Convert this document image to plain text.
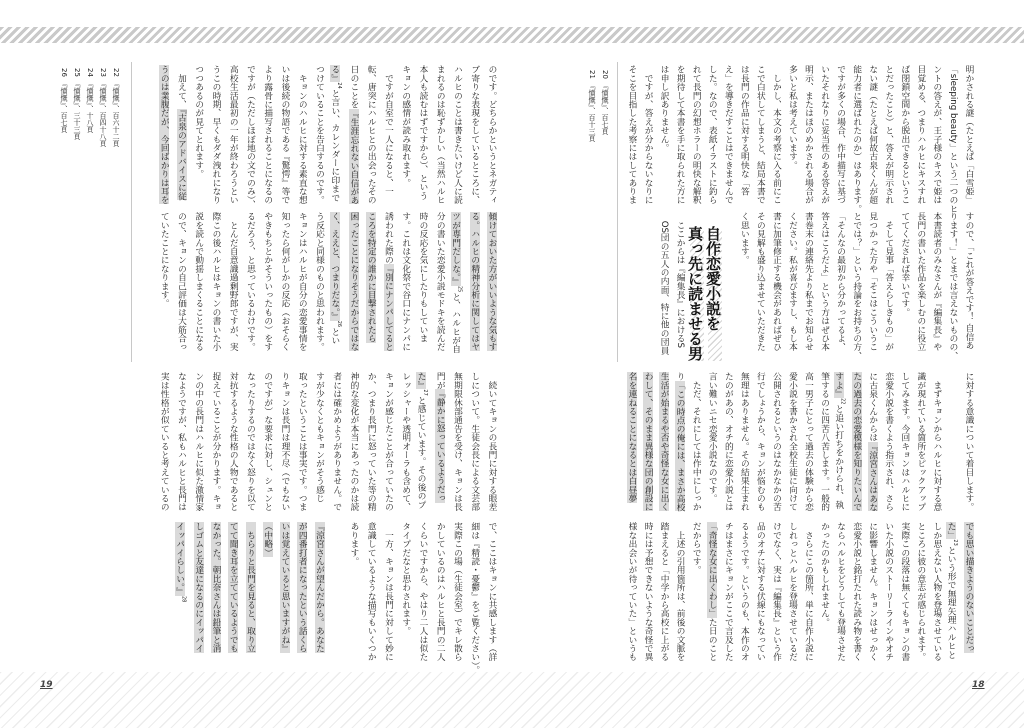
明かされる謎（たとえば「白雪姫」
「sleeping beauty」という二つのヒ
ントの答えが、王子様のキスで姫は
目覚める、つまりハルヒにキスすれ
ば閉鎖空間から脱出できるというこ
とだったこと）と、答えが明示され
ない謎（たとえば何故古泉くんが超
能力者に選ばれたのか）はあります。
ですが多くの場合、作中描写に基づ
いたそれなりに妥当性のある答えが
明示、またはほのめかされる場合が
多いと私は考えています。
　しかし、本文の考察に入る前にこ
こで白状してしまうと、結局本書で
は長門の作品に対する明快な「答
え」を導きだすことはできませんで
した。なので、表紙イラストに釣ら
れて長門の幻想ホラーの明快な解釈
を期待して本書を手に取られた方に
は申し訳ありません。
　ですが、答えが分からないなりに
そこを目指した考察にはしてありま
すので、「これが答えです！ 自信あ
ります！」とまでは言えないものの、
本書読者のみなさんが『編集長』や
長門の書いた作品を楽しむのに役立
ててくだされば幸いです。
　そして見事「答えらしきもの」が
見つかった方や「そこはこういうこ
とでは？」という持論をお持ちの方、
「そんなの最初から分かってるよ、
答えはこうだよ」という方はぜひ本
書巻末の連絡先より私までお知らせ
ください。私が喜びますし、もし本
書に加筆修正する機会があればぜひ
その見解も盛り込ませていただきた
く思います。
　ここからは『編集長』におけるS
　OS団の五人の内面、特に他の団員
に対する意識について着目します。
　まずキョンからハルヒに対する意
識が現れている箇所をピックアップ
してみます。今回キョンはハルヒに
恋愛小説を書くよう指示され、さら
に古泉くんからは『涼宮さんはあな
たの過去の恋愛模様を知りたいんで
すよ』$^{22}$と追い打ちをかけられ、執
筆するのに四苦八苦します。一般的
高一男子にとって過去の体験から恋
愛小説を書かされ全校生徒に向けて
公開されるというのはなかなかの苦
行でしょうから、キョンが悩むのも
無理はありません。その結果生まれ
たのがあの、オチ的に恋愛小説とは
言い難いニセ恋愛小説なのです。
　ただ、それにしては作中にしっか
り「この時点の俺には、まさか高校
生活が始まるや否や奇怪な女に出く
わして、そのまま異様な団の創設に
名を連ねることになるとは白昼夢
でも思い描きようのないことだっ
た」$^{23}$という形で無理矢理ハルヒと
しか思えない人物を登場させている
ところに彼の意志が感じられます。
実際この段落は無くてもキョンの書
いた小説のストーリーラインやオチ
に影響しません。キョンはせっかく
恋愛小説と銘打たれた読み物を書く
ならハルヒをどうしても登場させた
かったのかもしれません。
　さらにこの箇所、単に自作小説に
しれっとハルヒを登場させているだ
けでなく、実は『編集長』という作
品のオチに対する伏線にもなってい
るようです。というのも、本作のオ
チはまさにキョンがここで言及した
「奇怪な女に出くわし」た日のこと
だからです。
　上述の引用箇所は、前後の文脈を
踏まえると「中学から高校に上がる
時には予想できないような奇怪で異
様な出会いが待っていた」というも
自作恋愛小説を
真っ先に読ませる男
20　『憤慨』、百七頁
21　『憤慨』、百十三頁
18
のです。どちらかというとネガティ
ブ寄りな表現をしているところに、
ハルヒのことは書きたいけど人に読
まれるのは恥ずかしい（当然ハルヒ
本人も読むはずですから）、という
キョンの感情が読み取れます。
　ですが自室で一人になると、一
転、唐突にハルヒとの出会ったその
日のことを『生涯忘れない自信があ
る』$^{24}$と言い、カレンダーに印まで
つけていることを告白するのです。
　キョンのハルヒに対する素直な想
いは後続の物語である『驚愕』等で
より露骨に描写されることになるの
ですが（ただしほぼ地の文でのみ）、
高校生活最初の一年が終わろうとい
うこの時期、早くもダダ洩れになり
つつあるのが見てとれます。
　加えて、『古泉のアドバイスに従
うのは業腹だが、今回ばかりは耳を
傾けておいた方がいいような気もす
る。ハルヒの精神分析に関してはヤ
ツが専門だしな。』$^{25}$と、ハルヒが自
分の書いた恋愛小説モドキを読んだ
時の反応を気にしたりもしていま
す。これは文化祭で谷口にナンパに
誘われた際の『別にナンパしてると
ころを特定の誰かに目撃されたら
困ったことになりそうだからではな
く、ええと、つまりだな。』$^{26}$とい
う反応と同様のものと思われます。
キョンはハルヒが自分の恋愛事情を
知ったら何がしかの反応（おそらく
やきもちとかそういったもの）をす
るだろう、と思っているわけです。
　とんだ自意識過剰野郎ですが、実
際この後ハルヒはキョンの書いた小
説を読んで動揺しまくることになる
ので、キョンの自己評価は大筋合っ
ていたことになります。
　続いてキョンの長門に対する眼差
しについて。生徒会長による文芸部
無期限休部通告を受け、キョンは長
門が『静かに怒っているようだっ
た』$^{27}$と感じています。その後のプ
レッシャーや透明オーラも含めて、
キョンが感じたことが合っていたの
か、つまり長門に怒っていた等の精
神的な変化が本当にあったのかは読
者には確かめようがありません。で
すが少なくともキョンがそう感じ
取ったということは事実です。つま
りキョンは長門は理不尽（でもない
のですが）な要求に対し、シュンと
なったりするのではなく怒りを以て
対抗するような性格の人物であると
捉えていることが分かります。キョ
ンの中の長門はハルヒに似た激情家
なようですが、私もハルヒと長門は
実は性格が似ていると考えているの
で、ここはキョンに共感します（詳
細は『精読・憂鬱』をご覧ください）。
実際この場（生徒会室）でキレ散ら
かしているのはハルヒと長門の二人
くらいですから、やはり二人は似た
タイプだなと思わされます。
　一方、キョンは長門に対して妙に
意識しているような描写もいくつか
あります。
『涼宮さんが望んだから。あなた
が四番打者になったという話くら
いは覚えていると思いますがね』
（中略）
　ちらりと長門を見ると、取り立
てて聞き耳を立てているようでも
なかった。朝比奈さんは鉛筆と消
しゴムと友達になるのにイッパイ
イッパイらしい。』$^{28}$
22　『憤慨』、百六十二頁
23　『憤慨』、百四十八頁
24　『憤慨』、十八頁
25　『憤慨』、三十三頁
26　『憤慨』、百七頁
19
